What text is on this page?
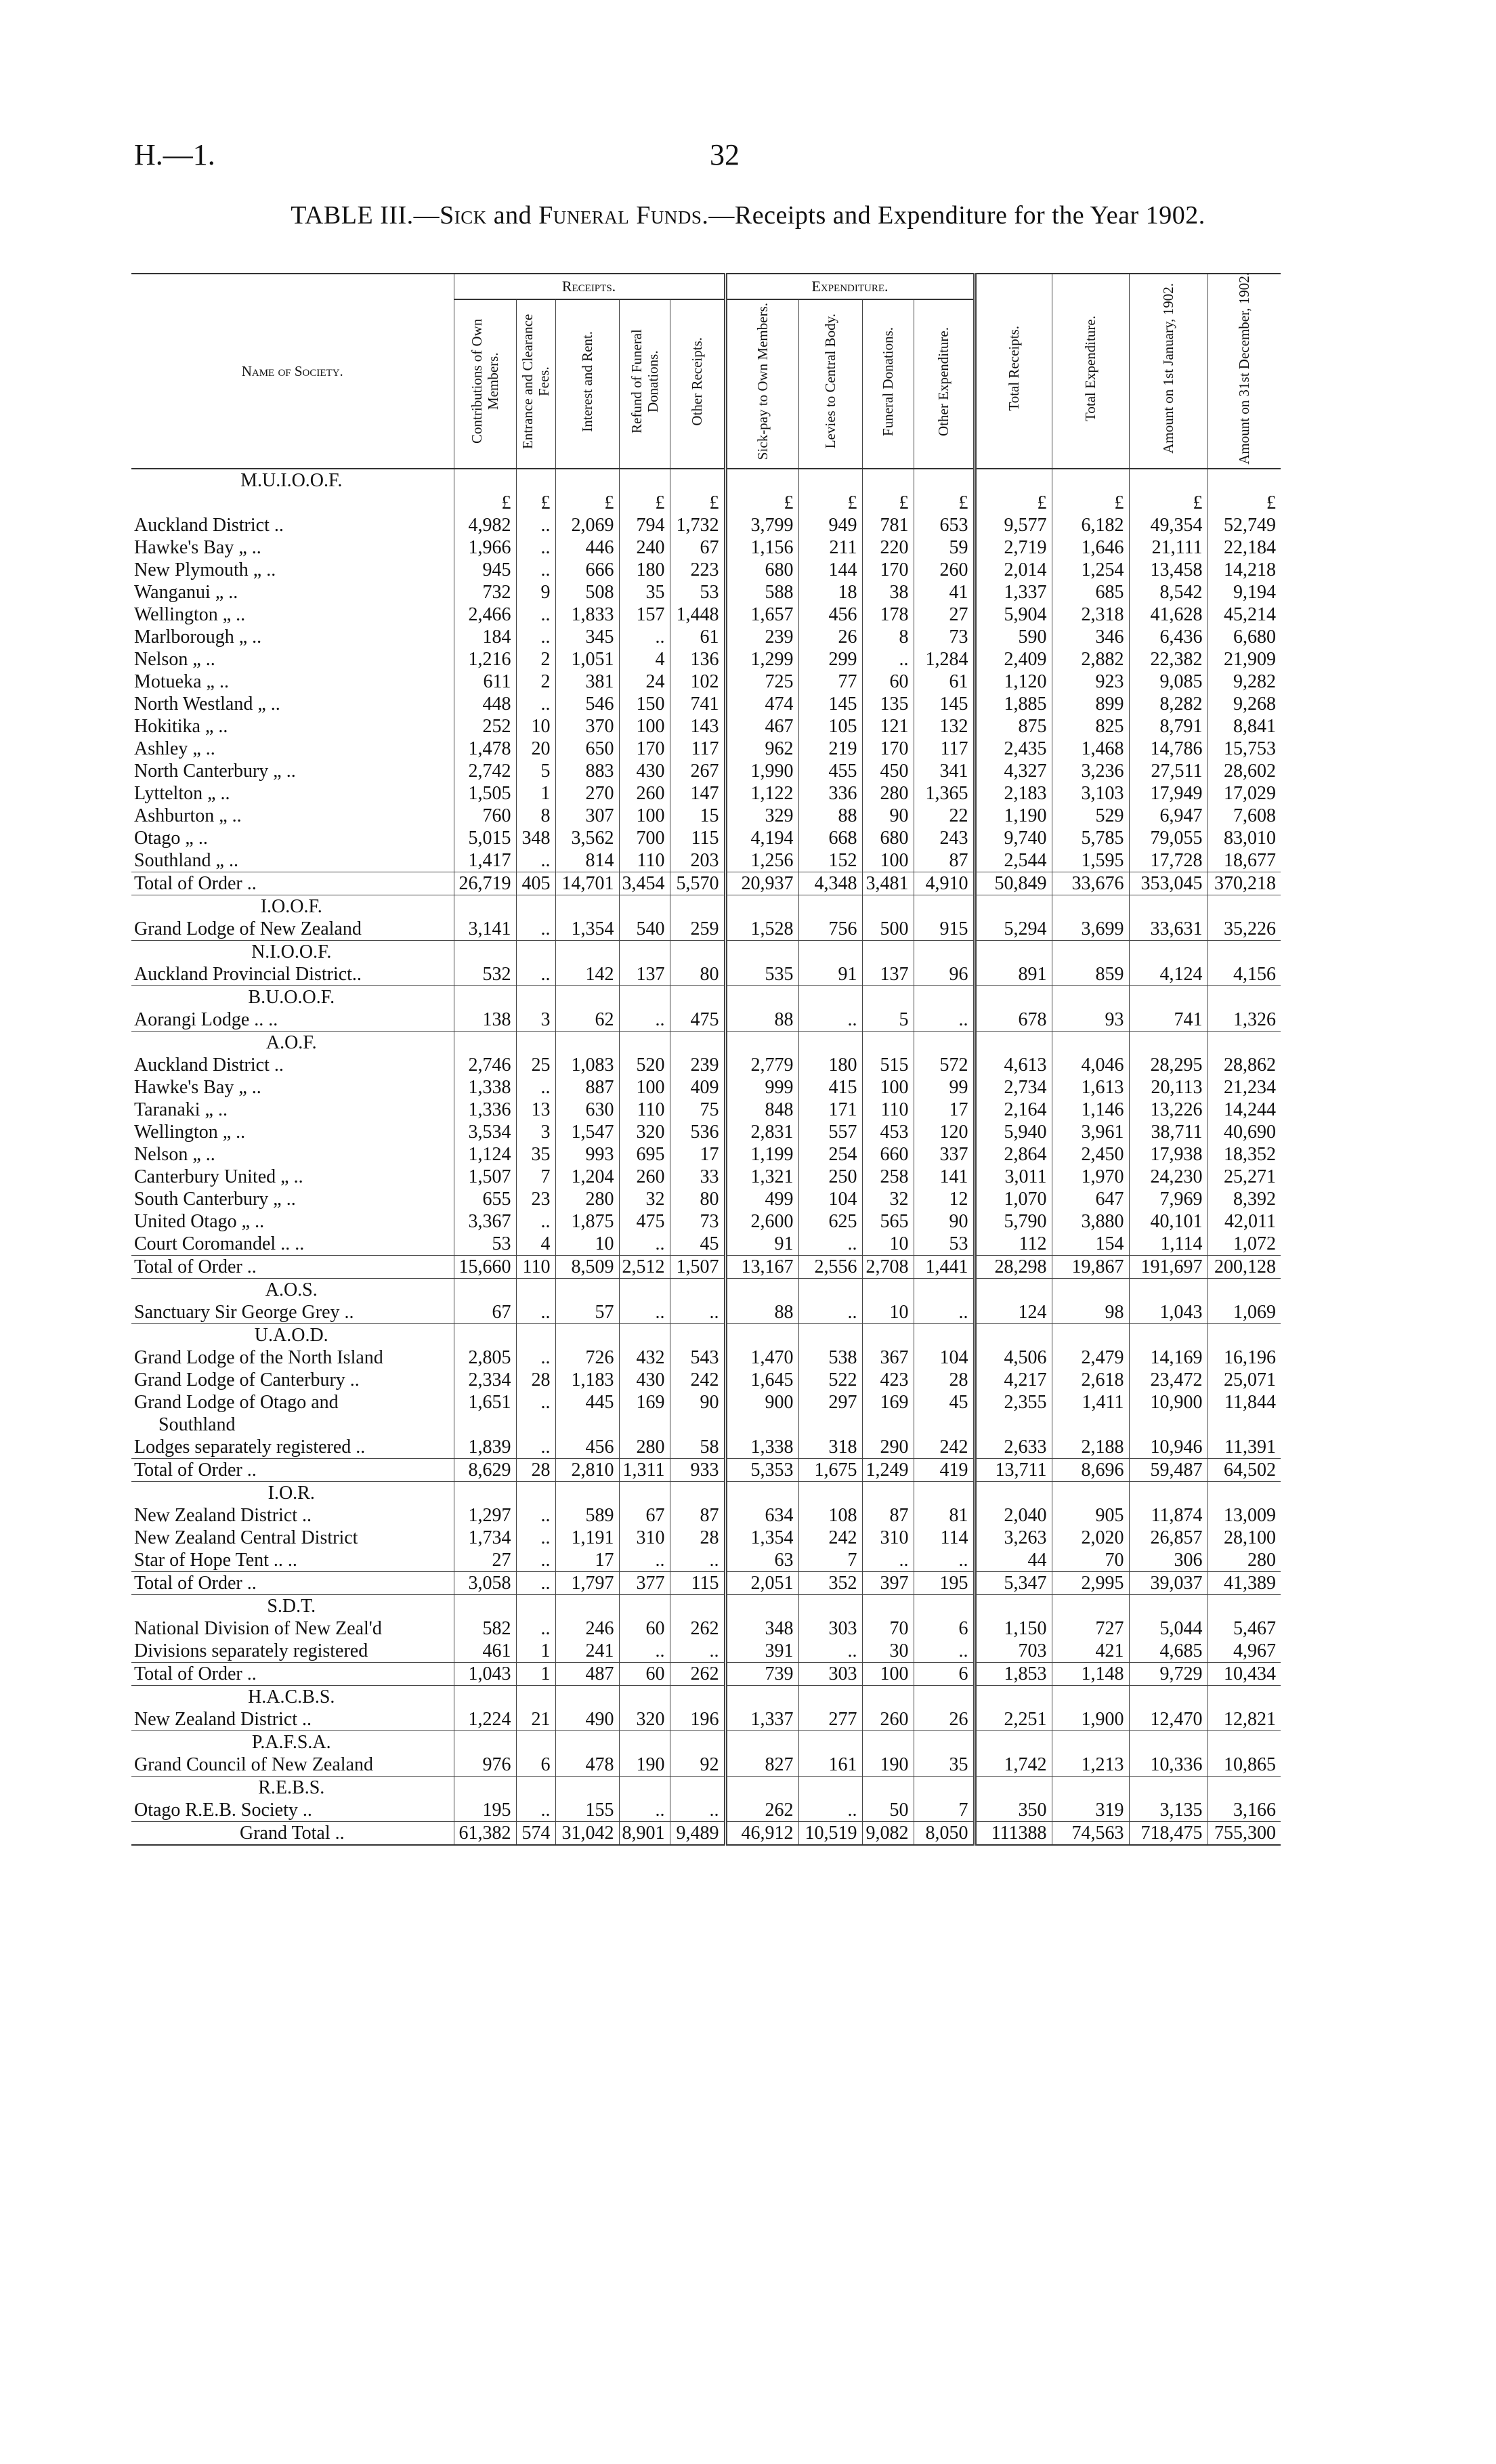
H.—1.	32
TABLE III.—Sick and Funeral Funds.—Receipts and Expenditure for the Year 1902.
Name of Society.	Receipts.					Expenditure.				Total Receipts.	Total Expenditure.	Amount on 1st January, 1902.	Amount on 31st December, 1902.
	Contributions of Own Members.	Entrance and Clearance Fees.	Interest and Rent.	Refund of Funeral Donations.	Other Receipts.	Sick-pay to Own Members.	Levies to Central Body.	Funeral Donations.	Other Expenditure.				
M.U.I.O.O.F.													
	£	£	£	£	£	£	£	£	£	£	£	£	£
Auckland District ..	4,982	..	2,069	794	1,732	3,799	949	781	653	9,577	6,182	49,354	52,749
Hawke's Bay „ ..	1,966	..	446	240	67	1,156	211	220	59	2,719	1,646	21,111	22,184
New Plymouth „ ..	945	..	666	180	223	680	144	170	260	2,014	1,254	13,458	14,218
Wanganui „ ..	732	9	508	35	53	588	18	38	41	1,337	685	8,542	9,194
Wellington „ ..	2,466	..	1,833	157	1,448	1,657	456	178	27	5,904	2,318	41,628	45,214
Marlborough „ ..	184	..	345	..	61	239	26	8	73	590	346	6,436	6,680
Nelson „ ..	1,216	2	1,051	4	136	1,299	299	..	1,284	2,409	2,882	22,382	21,909
Motueka „ ..	611	2	381	24	102	725	77	60	61	1,120	923	9,085	9,282
North Westland „ ..	448	..	546	150	741	474	145	135	145	1,885	899	8,282	9,268
Hokitika „ ..	252	10	370	100	143	467	105	121	132	875	825	8,791	8,841
Ashley „ ..	1,478	20	650	170	117	962	219	170	117	2,435	1,468	14,786	15,753
North Canterbury „ ..	2,742	5	883	430	267	1,990	455	450	341	4,327	3,236	27,511	28,602
Lyttelton „ ..	1,505	1	270	260	147	1,122	336	280	1,365	2,183	3,103	17,949	17,029
Ashburton „ ..	760	8	307	100	15	329	88	90	22	1,190	529	6,947	7,608
Otago „ ..	5,015	348	3,562	700	115	4,194	668	680	243	9,740	5,785	79,055	83,010
Southland „ ..	1,417	..	814	110	203	1,256	152	100	87	2,544	1,595	17,728	18,677
Total of Order ..	26,719	405	14,701	3,454	5,570	20,937	4,348	3,481	4,910	50,849	33,676	353,045	370,218
I.O.O.F.													
Grand Lodge of New Zealand	3,141	..	1,354	540	259	1,528	756	500	915	5,294	3,699	33,631	35,226
N.I.O.O.F.													
Auckland Provincial District..	532	..	142	137	80	535	91	137	96	891	859	4,124	4,156
B.U.O.O.F.													
Aorangi Lodge .. ..	138	3	62	..	475	88	..	5	..	678	93	741	1,326
A.O.F.													
Auckland District ..	2,746	25	1,083	520	239	2,779	180	515	572	4,613	4,046	28,295	28,862
Hawke's Bay „ ..	1,338	..	887	100	409	999	415	100	99	2,734	1,613	20,113	21,234
Taranaki „ ..	1,336	13	630	110	75	848	171	110	17	2,164	1,146	13,226	14,244
Wellington „ ..	3,534	3	1,547	320	536	2,831	557	453	120	5,940	3,961	38,711	40,690
Nelson „ ..	1,124	35	993	695	17	1,199	254	660	337	2,864	2,450	17,938	18,352
Canterbury United „ ..	1,507	7	1,204	260	33	1,321	250	258	141	3,011	1,970	24,230	25,271
South Canterbury „ ..	655	23	280	32	80	499	104	32	12	1,070	647	7,969	8,392
United Otago „ ..	3,367	..	1,875	475	73	2,600	625	565	90	5,790	3,880	40,101	42,011
Court Coromandel .. ..	53	4	10	..	45	91	..	10	53	112	154	1,114	1,072
Total of Order ..	15,660	110	8,509	2,512	1,507	13,167	2,556	2,708	1,441	28,298	19,867	191,697	200,128
A.O.S.													
Sanctuary Sir George Grey ..	67	..	57	..	..	88	..	10	..	124	98	1,043	1,069
U.A.O.D.													
Grand Lodge of the North Island	2,805	..	726	432	543	1,470	538	367	104	4,506	2,479	14,169	16,196
Grand Lodge of Canterbury ..	2,334	28	1,183	430	242	1,645	522	423	28	4,217	2,618	23,472	25,071
Grand Lodge of Otago and	1,651	..	445	169	90	900	297	169	45	2,355	1,411	10,900	11,844
Southland													
Lodges separately registered ..	1,839	..	456	280	58	1,338	318	290	242	2,633	2,188	10,946	11,391
Total of Order ..	8,629	28	2,810	1,311	933	5,353	1,675	1,249	419	13,711	8,696	59,487	64,502
I.O.R.													
New Zealand District ..	1,297	..	589	67	87	634	108	87	81	2,040	905	11,874	13,009
New Zealand Central District	1,734	..	1,191	310	28	1,354	242	310	114	3,263	2,020	26,857	28,100
Star of Hope Tent .. ..	27	..	17	..	..	63	7	..	..	44	70	306	280
Total of Order ..	3,058	..	1,797	377	115	2,051	352	397	195	5,347	2,995	39,037	41,389
S.D.T.													
National Division of New Zeal'd	582	..	246	60	262	348	303	70	6	1,150	727	5,044	5,467
Divisions separately registered	461	1	241	..	..	391	..	30	..	703	421	4,685	4,967
Total of Order ..	1,043	1	487	60	262	739	303	100	6	1,853	1,148	9,729	10,434
H.A.C.B.S.													
New Zealand District ..	1,224	21	490	320	196	1,337	277	260	26	2,251	1,900	12,470	12,821
P.A.F.S.A.													
Grand Council of New Zealand	976	6	478	190	92	827	161	190	35	1,742	1,213	10,336	10,865
R.E.B.S.													
Otago R.E.B. Society ..	195	..	155	..	..	262	..	50	7	350	319	3,135	3,166
Grand Total ..	61,382	574	31,042	8,901	9,489	46,912	10,519	9,082	8,050	111388	74,563	718,475	755,300
